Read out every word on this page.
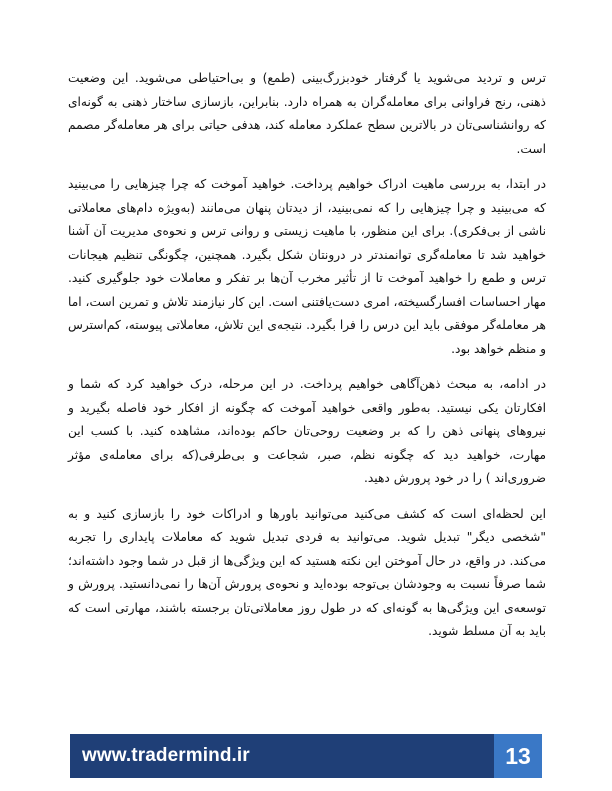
ترس و تردید می‌شوید یا گرفتار خودبزرگ‌بینی (طمع) و بی‌احتیاطی می‌شوید. این وضعیت ذهنی، رنج فراوانی برای معامله‌گران به همراه دارد. بنابراین، بازسازی ساختار ذهنی به گونه‌ای که روانشناسی‌تان در بالاترین سطح عملکرد معامله کند، هدفی حیاتی برای هر معامله‌گر مصمم است.

در ابتدا، به بررسی ماهیت ادراک خواهیم پرداخت. خواهید آموخت که چرا چیزهایی را می‌بینید که می‌بینید و چرا چیزهایی را که نمی‌بینید، از دیدتان پنهان می‌مانند (به‌ویژه دام‌های معاملاتی ناشی از بی‌فکری). برای این منظور، با ماهیت زیستی و روانی ترس و نحوه‌ی مدیریت آن آشنا خواهید شد تا معامله‌گری توانمندتر در درونتان شکل بگیرد. همچنین، چگونگی تنظیم هیجانات ترس و طمع را خواهید آموخت تا از تأثیر مخرب آن‌ها بر تفکر و معاملات خود جلوگیری کنید. مهار احساسات افسارگسیخته، امری دست‌یافتنی است. این کار نیازمند تلاش و تمرین است، اما هر معامله‌گر موفقی باید این درس را فرا بگیرد. نتیجه‌ی این تلاش، معاملاتی پیوسته، کم‌استرس و منظم خواهد بود.

در ادامه، به مبحث ذهن‌آگاهی خواهیم پرداخت. در این مرحله، درک خواهید کرد که شما و افکارتان یکی نیستید. به‌طور واقعی خواهید آموخت که چگونه از افکار خود فاصله بگیرید و نیروهای پنهانی ذهن را که بر وضعیت روحی‌تان حاکم بوده‌اند، مشاهده کنید. با کسب این مهارت، خواهید دید که چگونه نظم، صبر، شجاعت و بی‌طرفی(که برای معامله‌ی مؤثر ضروری‌اند ) را در خود پرورش دهید.

این لحظه‌ای است که کشف می‌کنید می‌توانید باورها و ادراکات خود را بازسازی کنید و به "شخصی دیگر" تبدیل شوید. می‌توانید به فردی تبدیل شوید که معاملات پایداری را تجربه می‌کند. در واقع، در حال آموختن این نکته هستید که این ویژگی‌ها از قبل در شما وجود داشته‌اند؛ شما صرفاً نسبت به وجودشان بی‌توجه بوده‌اید و نحوه‌ی پرورش آن‌ها را نمی‌دانستید. پرورش و توسعه‌ی این ویژگی‌ها به گونه‌ای که در طول روز معاملاتی‌تان برجسته باشند، مهارتی است که باید به آن مسلط شوید.

www.tradermind.ir	13
